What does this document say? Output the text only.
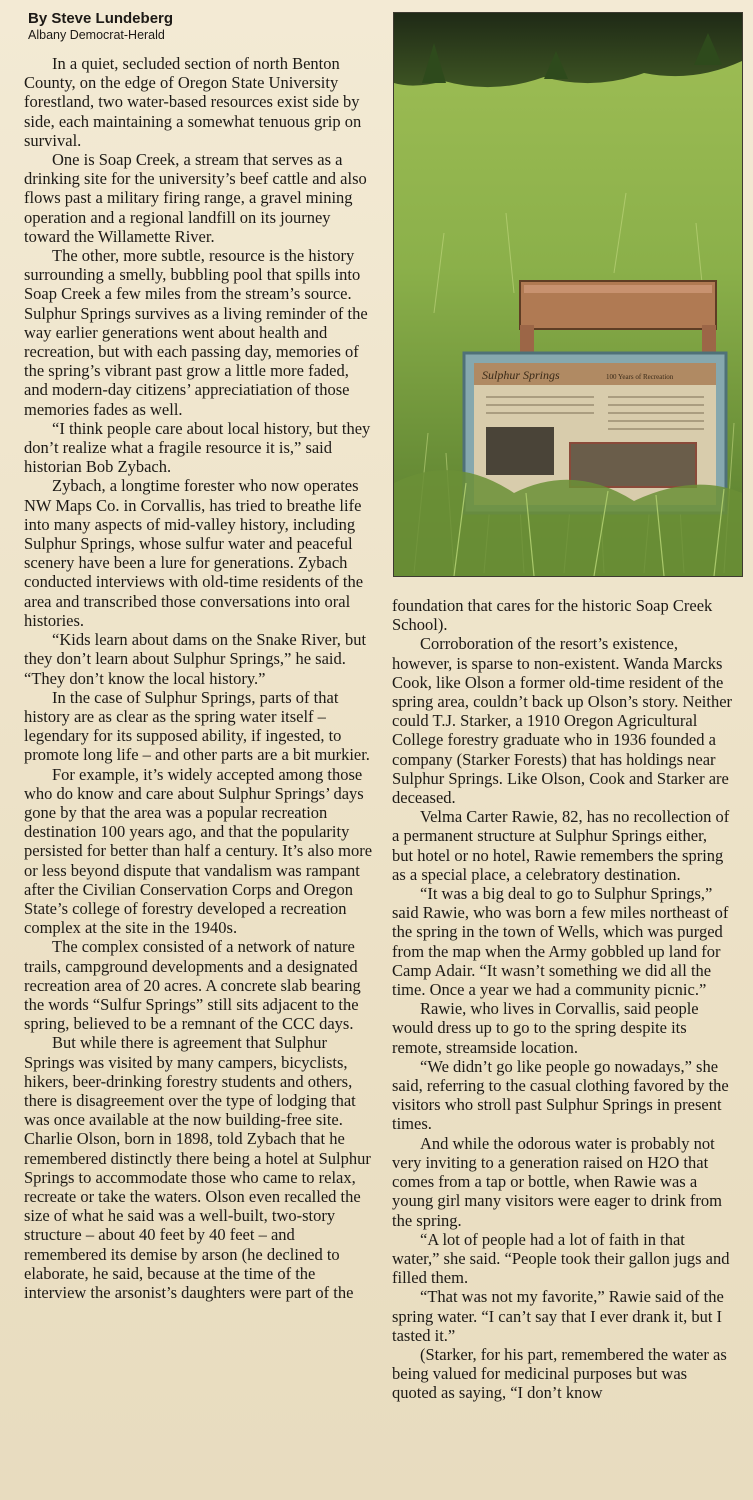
By Steve Lundeberg
Albany Democrat-Herald

In a quiet, secluded section of north Benton County, on the edge of Oregon State University forestland, two water-based resources exist side by side, each maintaining a somewhat tenuous grip on survival.

One is Soap Creek, a stream that serves as a drinking site for the university’s beef cattle and also flows past a military firing range, a gravel mining operation and a regional landfill on its journey toward the Willamette River.

The other, more subtle, resource is the history surrounding a smelly, bubbling pool that spills into Soap Creek a few miles from the stream’s source. Sulphur Springs survives as a living reminder of the way earlier generations went about health and recreation, but with each passing day, memories of the spring’s vibrant past grow a little more faded, and modern-day citizens’ appreciatiation of those memories fades as well.

“I think people care about local history, but they don’t realize what a fragile resource it is,” said historian Bob Zybach.

Zybach, a longtime forester who now operates NW Maps Co. in Corvallis, has tried to breathe life into many aspects of mid-valley history, including Sulphur Springs, whose sulfur water and peaceful scenery have been a lure for generations. Zybach conducted interviews with old-time residents of the area and transcribed those conversations into oral histories.

“Kids learn about dams on the Snake River, but they don’t learn about Sulphur Springs,” he said. “They don’t know the local history.”

In the case of Sulphur Springs, parts of that history are as clear as the spring water itself – legendary for its supposed ability, if ingested, to promote long life – and other parts are a bit murkier.

For example, it’s widely accepted among those who do know and care about Sulphur Springs’ days gone by that the area was a popular recreation destination 100 years ago, and that the popularity persisted for better than half a century. It’s also more or less beyond dispute that vandalism was rampant after the Civilian Conservation Corps and Oregon State’s college of forestry developed a recreation complex at the site in the 1940s.

The complex consisted of a network of nature trails, campground developments and a designated recreation area of 20 acres. A concrete slab bearing the words “Sulfur Springs” still sits adjacent to the spring, believed to be a remnant of the CCC days.

But while there is agreement that Sulphur Springs was visited by many campers, bicyclists, hikers, beer-drinking forestry students and others, there is disagreement over the type of lodging that was once available at the now building-free site. Charlie Olson, born in 1898, told Zybach that he remembered distinctly there being a hotel at Sulphur Springs to accommodate those who came to relax, recreate or take the waters. Olson even recalled the size of what he said was a well-built, two-story structure – about 40 feet by 40 feet – and remembered its demise by arson (he declined to elaborate, he said, because at the time of the interview the arsonist’s daughters were part of the

Sulphur Springs	100 Years of Recreation

foundation that cares for the historic Soap Creek School).

Corroboration of the resort’s existence, however, is sparse to non-existent. Wanda Marcks Cook, like Olson a former old-time resident of the spring area, couldn’t back up Olson’s story. Neither could T.J. Starker, a 1910 Oregon Agricultural College forestry graduate who in 1936 founded a company (Starker Forests) that has holdings near Sulphur Springs. Like Olson, Cook and Starker are deceased.

Velma Carter Rawie, 82, has no recollection of a permanent structure at Sulphur Springs either, but hotel or no hotel, Rawie remembers the spring as a special place, a celebratory destination.

“It was a big deal to go to Sulphur Springs,” said Rawie, who was born a few miles northeast of the spring in the town of Wells, which was purged from the map when the Army gobbled up land for Camp Adair. “It wasn’t something we did all the time. Once a year we had a community picnic.”

Rawie, who lives in Corvallis, said people would dress up to go to the spring despite its remote, streamside location.

“We didn’t go like people go nowadays,” she said, referring to the casual clothing favored by the visitors who stroll past Sulphur Springs in present times.

And while the odorous water is probably not very inviting to a generation raised on H2O that comes from a tap or bottle, when Rawie was a young girl many visitors were eager to drink from the spring.

“A lot of people had a lot of faith in that water,” she said. “People took their gallon jugs and filled them.

“That was not my favorite,” Rawie said of the spring water. “I can’t say that I ever drank it, but I tasted it.”

(Starker, for his part, remembered the water as being valued for medicinal purposes but was quoted as saying, “I don’t know
